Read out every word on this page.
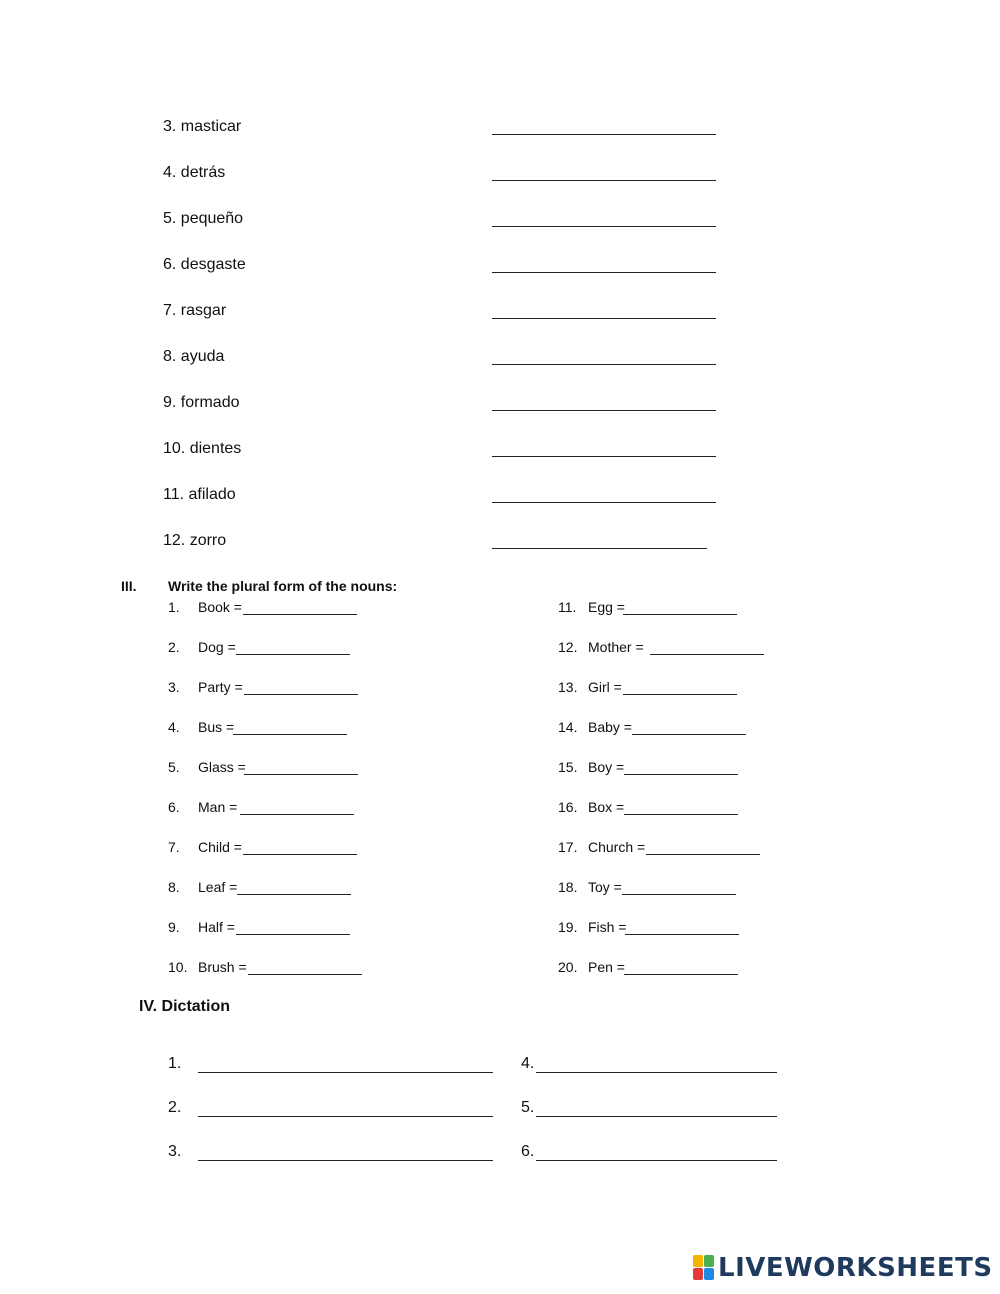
3. masticar
4. detrás
5. pequeño
6. desgaste
7. rasgar
8. ayuda
9. formado
10. dientes
11. afilado
12. zorro
III. Write the plural form of the nouns:
1. Book =
2. Dog =
3. Party =
4. Bus =
5. Glass =
6. Man =
7. Child =
8. Leaf =
9. Half =
10. Brush =
11. Egg =
12. Mother =
13. Girl =
14. Baby =
15. Boy =
16. Box =
17. Church =
18. Toy =
19. Fish =
20. Pen =
IV. Dictation
1.
2.
3.
4.
5.
6.
LIVEWORKSHEETS
